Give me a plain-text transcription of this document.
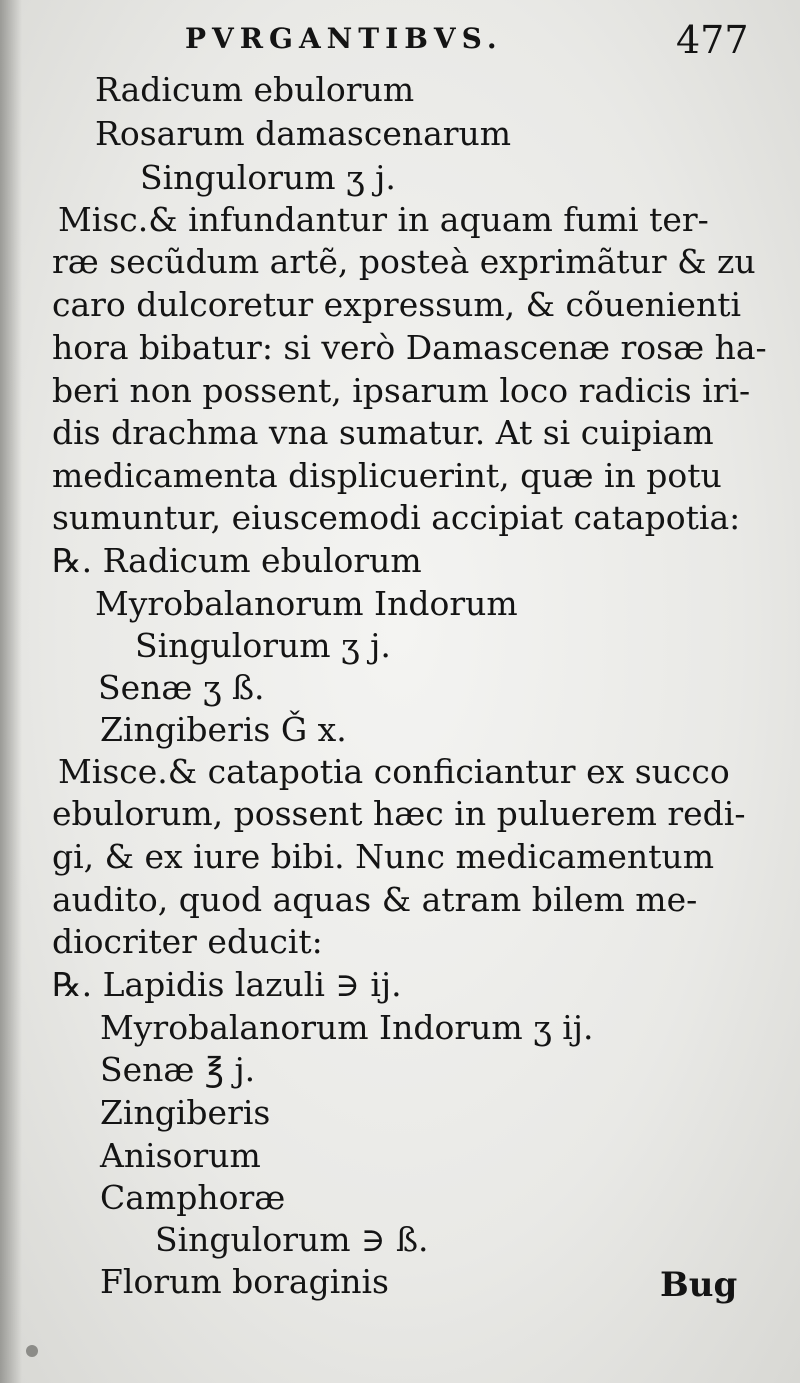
PVRGANTIBVS.	477
Radicum ebulorum
Rosarum damascenarum
Singulorum ʒ j.
Misc.& infundantur in aquam fumi ter-
ræ secũdum artẽ, posteà exprimãtur & zu
caro dulcoretur expressum, & cõuenienti
hora bibatur: si verò Damascenæ rosæ ha-
beri non possent, ipsarum loco radicis iri-
dis drachma vna sumatur. At si cuipiam
medicamenta displicuerint, quæ in potu
sumuntur, eiuscemodi accipiat catapotia:
℞. Radicum ebulorum
Myrobalanorum Indorum
Singulorum ʒ j.
Senæ ʒ ß.
Zingiberis Ǧ x.
Misce.& catapotia conficiantur ex succo
ebulorum, possent hæc in puluerem redi-
gi, & ex iure bibi. Nunc medicamentum
audito, quod aquas & atram bilem me-
diocriter educit:
℞. Lapidis lazuli ∋ ij.
Myrobalanorum Indorum ʒ ij.
Senæ ℥ j.
Zingiberis
Anisorum
Camphoræ
Singulorum ∋ ß.
Florum boraginis	Bug
